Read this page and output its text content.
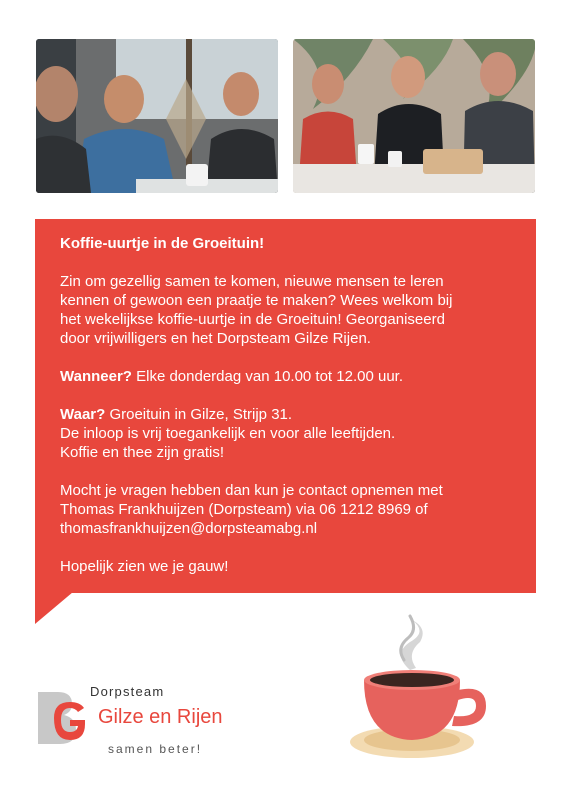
Koffie-uurtje in de Groeituin!

Zin om gezellig samen te komen, nieuwe mensen te leren
kennen of gewoon een praatje te maken? Wees welkom bij
het wekelijkse koffie-uurtje in de Groeituin! Georganiseerd
door vrijwilligers en het Dorpsteam Gilze Rijen.

Wanneer? Elke donderdag van 10.00 tot 12.00 uur.

Waar? Groeituin in Gilze, Strijp 31.
De inloop is vrij toegankelijk en voor alle leeftijden.
Koffie en thee zijn gratis!

Mocht je vragen hebben dan kun je contact opnemen met
Thomas Frankhuijzen (Dorpsteam) via 06 1212 8969 of
thomasfrankhuijzen@dorpsteamabg.nl

Hopelijk zien we je gauw!

Dorpsteam
Gilze en Rijen
samen beter!
